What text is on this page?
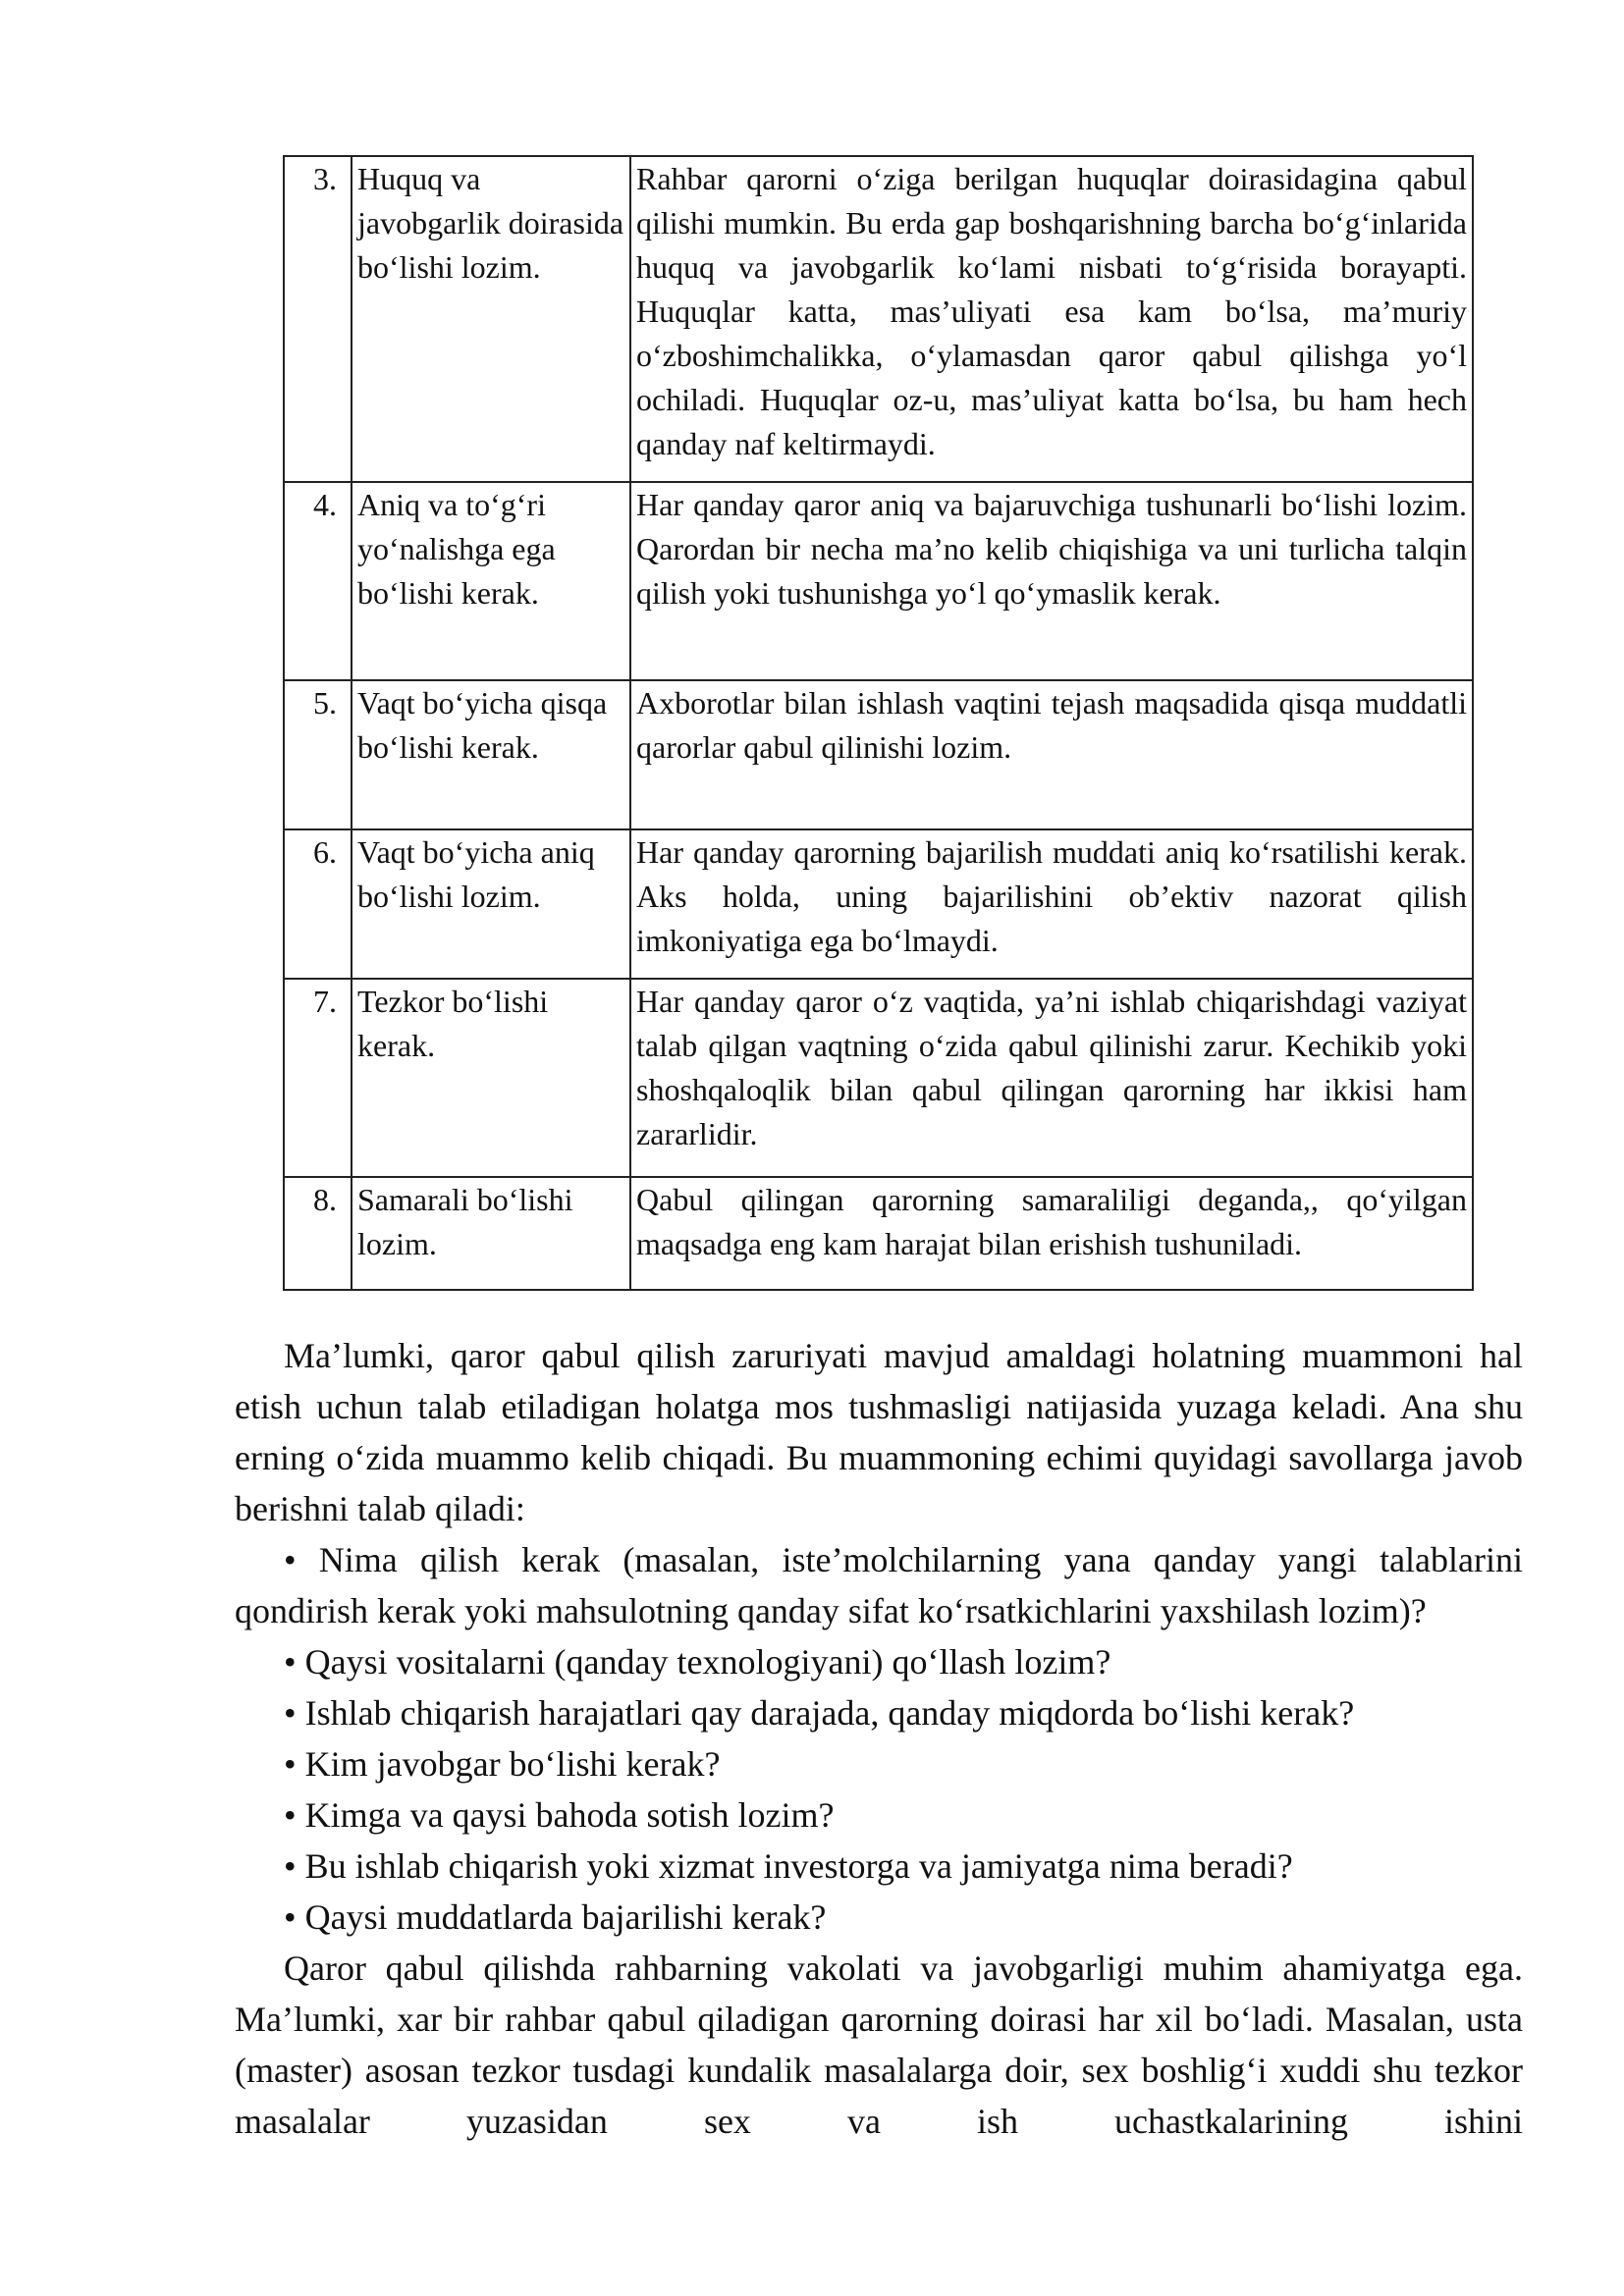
3.	Huquq va javobgarlik doirasida bo‘lishi lozim.	Rahbar qarorni o‘ziga berilgan huquqlar doirasidagina qabul qilishi mumkin. Bu erda gap boshqarishning barcha bo‘g‘inlarida huquq va javobgarlik ko‘lami nisbati to‘g‘risida borayapti. Huquqlar katta, mas’uliyati esa kam bo‘lsa, ma’muriy o‘zboshimchalikka, o‘ylamasdan qaror qabul qilishga yo‘l ochiladi. Huquqlar oz-u, mas’uliyat katta bo‘lsa, bu ham hech qanday naf keltirmaydi.
4.	Aniq va to‘g‘ri yo‘nalishga ega bo‘lishi kerak.	Har qanday qaror aniq va bajaruvchiga tushunarli bo‘lishi lozim. Qarordan bir necha ma’no kelib chiqishiga va uni turlicha talqin qilish yoki tushunishga yo‘l qo‘ymaslik kerak.
5.	Vaqt bo‘yicha qisqa bo‘lishi kerak.	Axborotlar bilan ishlash vaqtini tejash maqsadida qisqa muddatli qarorlar qabul qilinishi lozim.
6.	Vaqt bo‘yicha aniq bo‘lishi lozim.	Har qanday qarorning bajarilish muddati aniq ko‘rsatilishi kerak. Aks holda, uning bajarilishini ob’ektiv nazorat qilish imkoniyatiga ega bo‘lmaydi.
7.	Tezkor bo‘lishi kerak.	Har qanday qaror o‘z vaqtida, ya’ni ishlab chiqarishdagi vaziyat talab qilgan vaqtning o‘zida qabul qilinishi zarur. Kechikib yoki shoshqaloqlik bilan qabul qilingan qarorning har ikkisi ham zararlidir.
8.	Samarali bo‘lishi lozim.	Qabul qilingan qarorning samaraliligi deganda,, qo‘yilgan maqsadga eng kam harajat bilan erishish tushuniladi.

Ma’lumki, qaror qabul qilish zaruriyati mavjud amaldagi holatning muammoni hal etish uchun talab etiladigan holatga mos tushmasligi natijasida yuzaga keladi. Ana shu erning o‘zida muammo kelib chiqadi. Bu muammoning echimi quyidagi savollarga javob berishni talab qiladi:

• Nima qilish kerak (masalan, iste’molchilarning yana qanday yangi talablarini qondirish kerak yoki mahsulotning qanday sifat ko‘rsatkichlarini yaxshilash lozim)?

• Qaysi vositalarni (qanday texnologiyani) qo‘llash lozim?

• Ishlab chiqarish harajatlari qay darajada, qanday miqdorda bo‘lishi kerak?

• Kim javobgar bo‘lishi kerak?

• Kimga va qaysi bahoda sotish lozim?

• Bu ishlab chiqarish yoki xizmat investorga va jamiyatga nima beradi?

• Qaysi muddatlarda bajarilishi kerak?

Qaror qabul qilishda rahbarning vakolati va javobgarligi muhim ahamiyatga ega. Ma’lumki, xar bir rahbar qabul qiladigan qarorning doirasi har xil bo‘ladi. Masalan, usta (master) asosan tezkor tusdagi kundalik masalalarga doir, sex boshlig‘i xuddi shu tezkor masalalar yuzasidan sex va ish uchastkalarining ishini
